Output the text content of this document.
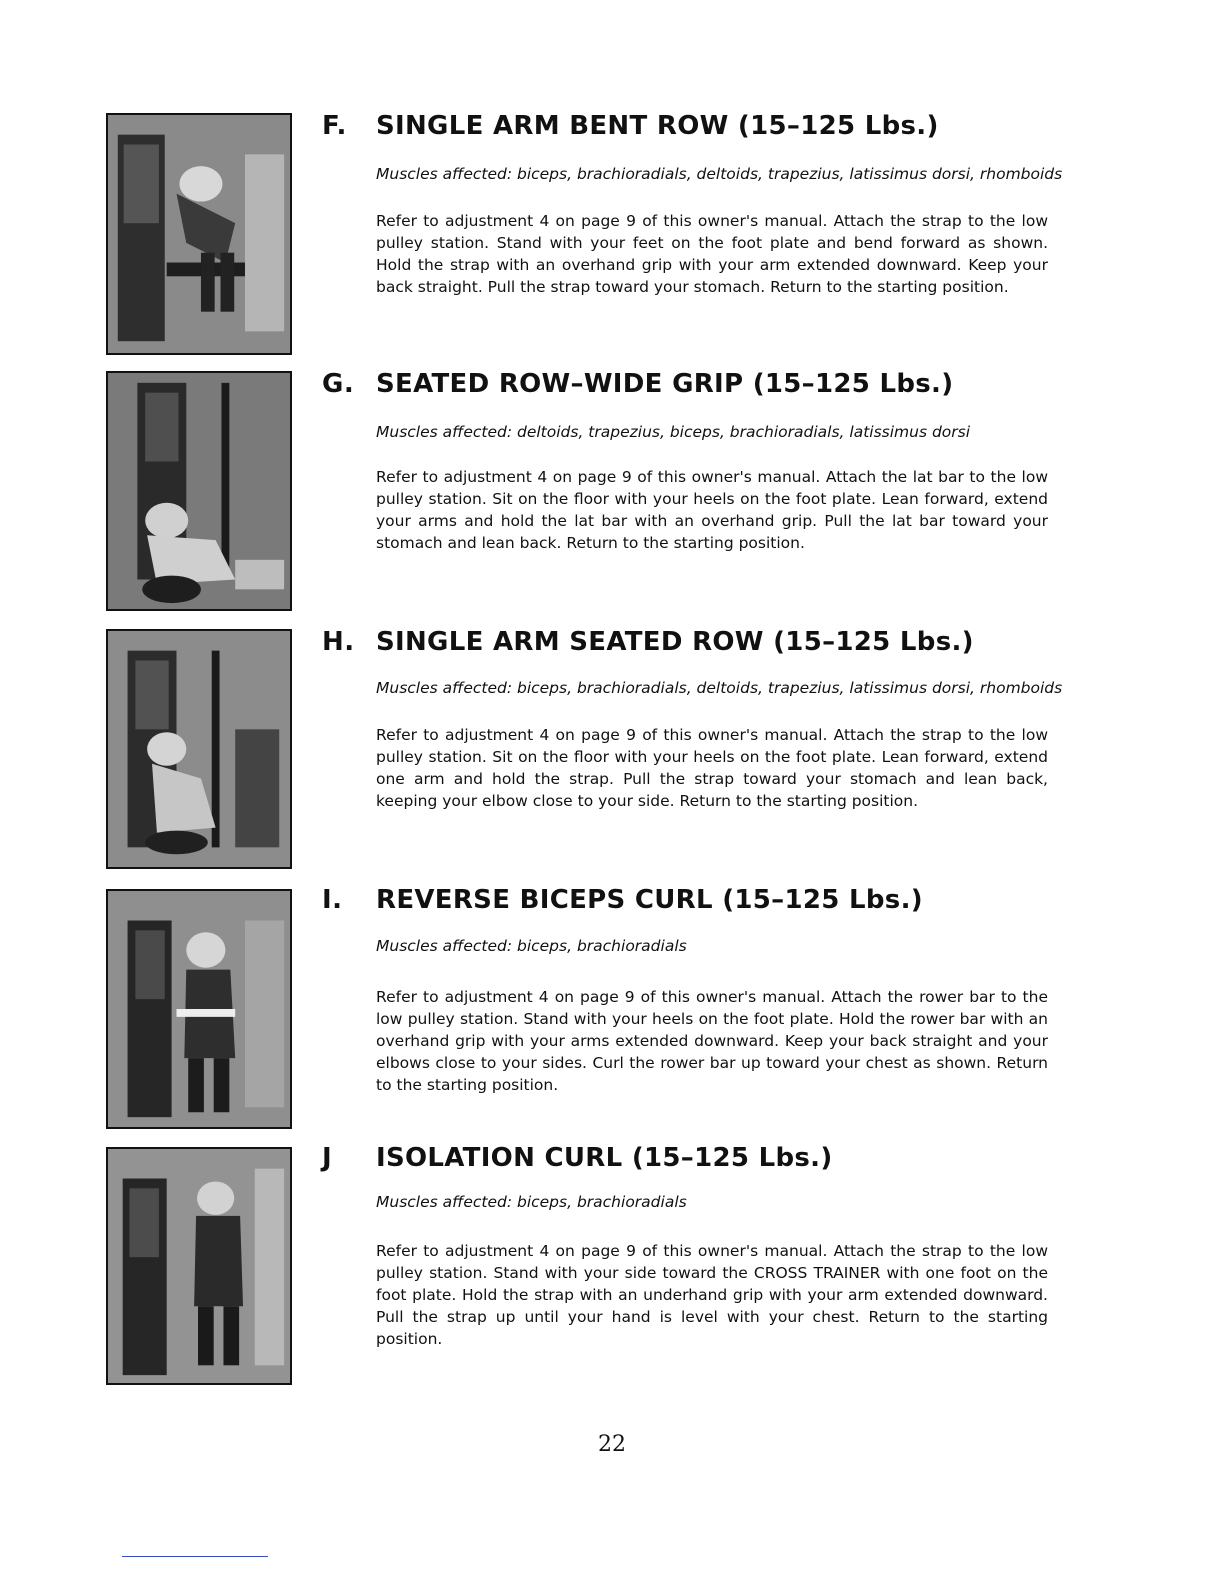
F. SINGLE ARM BENT ROW (15–125 Lbs.)
Muscles affected: biceps, brachioradials, deltoids, trapezius, latissimus dorsi, rhomboids
Refer to adjustment 4 on page 9 of this owner's manual. Attach the strap to the low pulley station. Stand with your feet on the foot plate and bend forward as shown. Hold the strap with an overhand grip with your arm extended downward. Keep your back straight. Pull the strap toward your stomach. Return to the starting position.
G. SEATED ROW–WIDE GRIP (15–125 Lbs.)
Muscles affected: deltoids, trapezius, biceps, brachioradials, latissimus dorsi
Refer to adjustment 4 on page 9 of this owner's manual. Attach the lat bar to the low pulley station. Sit on the floor with your heels on the foot plate. Lean forward, extend your arms and hold the lat bar with an overhand grip. Pull the lat bar toward your stomach and lean back. Return to the starting position.
H. SINGLE ARM SEATED ROW (15–125 Lbs.)
Muscles affected: biceps, brachioradials, deltoids, trapezius, latissimus dorsi, rhomboids
Refer to adjustment 4 on page 9 of this owner's manual. Attach the strap to the low pulley station. Sit on the floor with your heels on the foot plate. Lean forward, extend one arm and hold the strap. Pull the strap toward your stomach and lean back, keeping your elbow close to your side. Return to the starting position.
I. REVERSE BICEPS CURL (15–125 Lbs.)
Muscles affected: biceps, brachioradials
Refer to adjustment 4 on page 9 of this owner's manual. Attach the rower bar to the low pulley station. Stand with your heels on the foot plate. Hold the rower bar with an overhand grip with your arms extended downward. Keep your back straight and your elbows close to your sides. Curl the rower bar up toward your chest as shown. Return to the starting position.
J ISOLATION CURL (15–125 Lbs.)
Muscles affected: biceps, brachioradials
Refer to adjustment 4 on page 9 of this owner's manual. Attach the strap to the low pulley station. Stand with your side toward the CROSS TRAINER with one foot on the foot plate. Hold the strap with an underhand grip with your arm extended downward. Pull the strap up until your hand is level with your chest. Return to the starting position.
22
